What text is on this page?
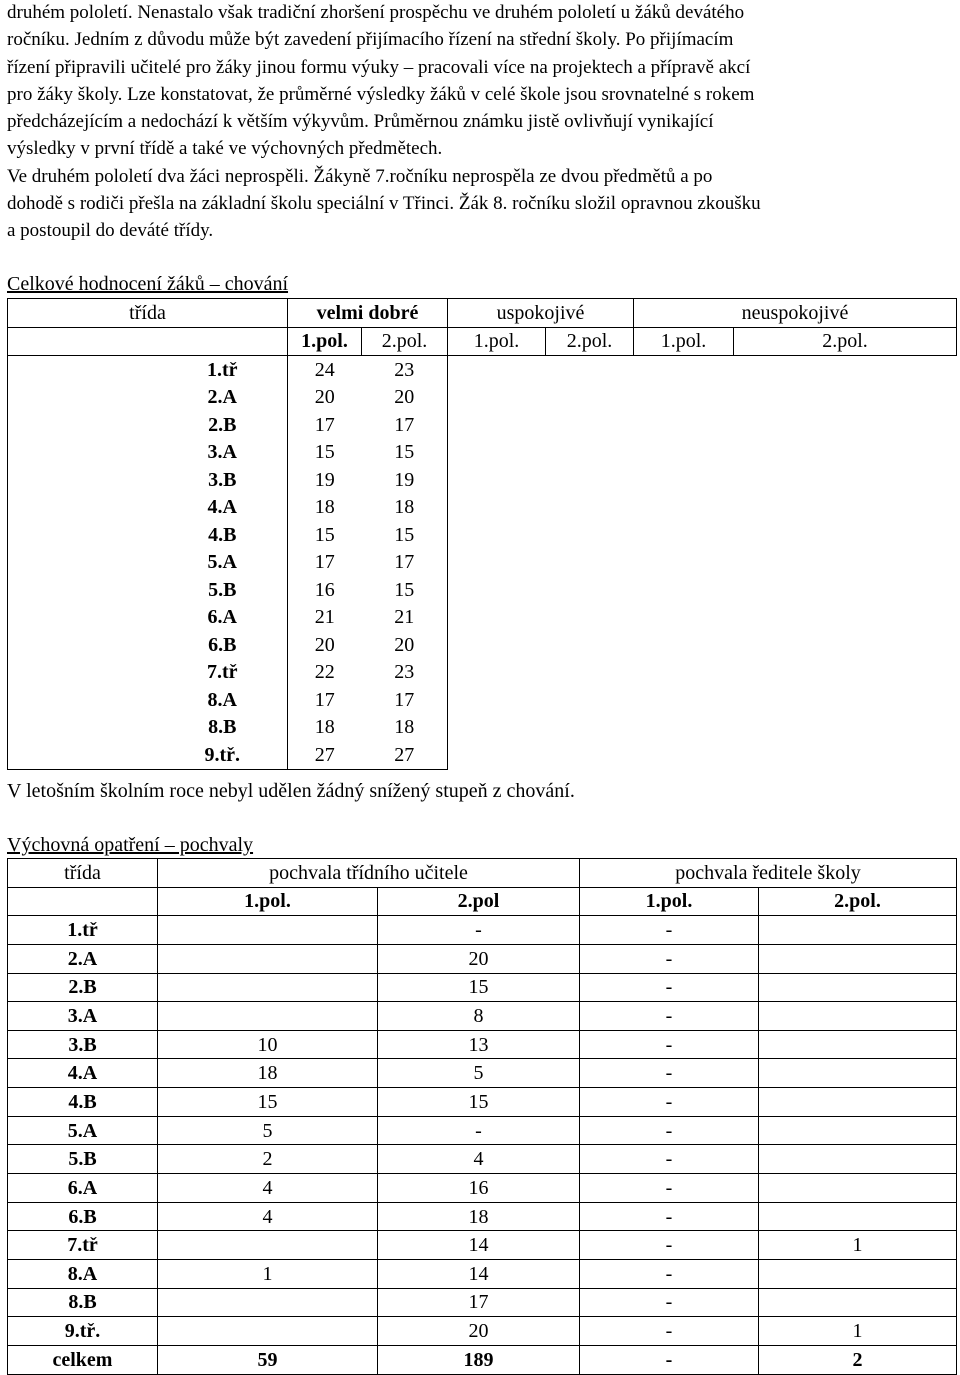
druhém pololetí. Nenastalo však tradiční zhoršení prospěchu ve druhém pololetí u žáků devátého
ročníku. Jedním z důvodu může být zavedení přijímacího řízení na střední školy. Po přijímacím
řízení připravili učitelé pro žáky jinou formu výuky – pracovali více na projektech a přípravě akcí
pro žáky školy. Lze konstatovat, že průměrné výsledky žáků v celé škole jsou srovnatelné s rokem
předcházejícím a nedochází k větším výkyvům. Průměrnou známku jistě ovlivňují vynikající
výsledky v první třídě a také ve výchovných předmětech.
Ve druhém pololetí dva žáci neprospěli. Žákyně 7.ročníku neprospěla ze dvou předmětů a po
dohodě s rodiči přešla na základní školu speciální v Třinci. Žák 8. ročníku složil opravnou zkoušku
a postoupil do deváté třídy.
Celkové hodnocení žáků – chování
třída		velmi dobré		uspokojivé		neuspokojivé	
		1.pol.	2.pol.	1.pol.	2.pol.	1.pol.	2.pol.
	1.tř	24	23				
	2.A	20	20				
	2.B	17	17				
	3.A	15	15				
	3.B	19	19				
	4.A	18	18				
	4.B	15	15				
	5.A	17	17				
	5.B	16	15				
	6.A	21	21				
	6.B	20	20				
	7.tř	22	23				
	8.A	17	17				
	8.B	18	18				
	9.tř.	27	27				
V letošním školním roce nebyl udělen žádný snížený stupeň z chování.
Výchovná opatření – pochvaly
třída	pochvala třídního učitele		pochvala ředitele školy	
	1.pol.	2.pol	1.pol.	2.pol.
1.tř		-	-	
2.A		20	-	
2.B		15	-	
3.A		8	-	
3.B	10	13	-	
4.A	18	5	-	
4.B	15	15	-	
5.A	5	-	-	
5.B	2	4	-	
6.A	4	16	-	
6.B	4	18	-	
7.tř		14	-	1
8.A	1	14	-	
8.B		17	-	
9.tř.		20	-	1
celkem	59	189	-	2
